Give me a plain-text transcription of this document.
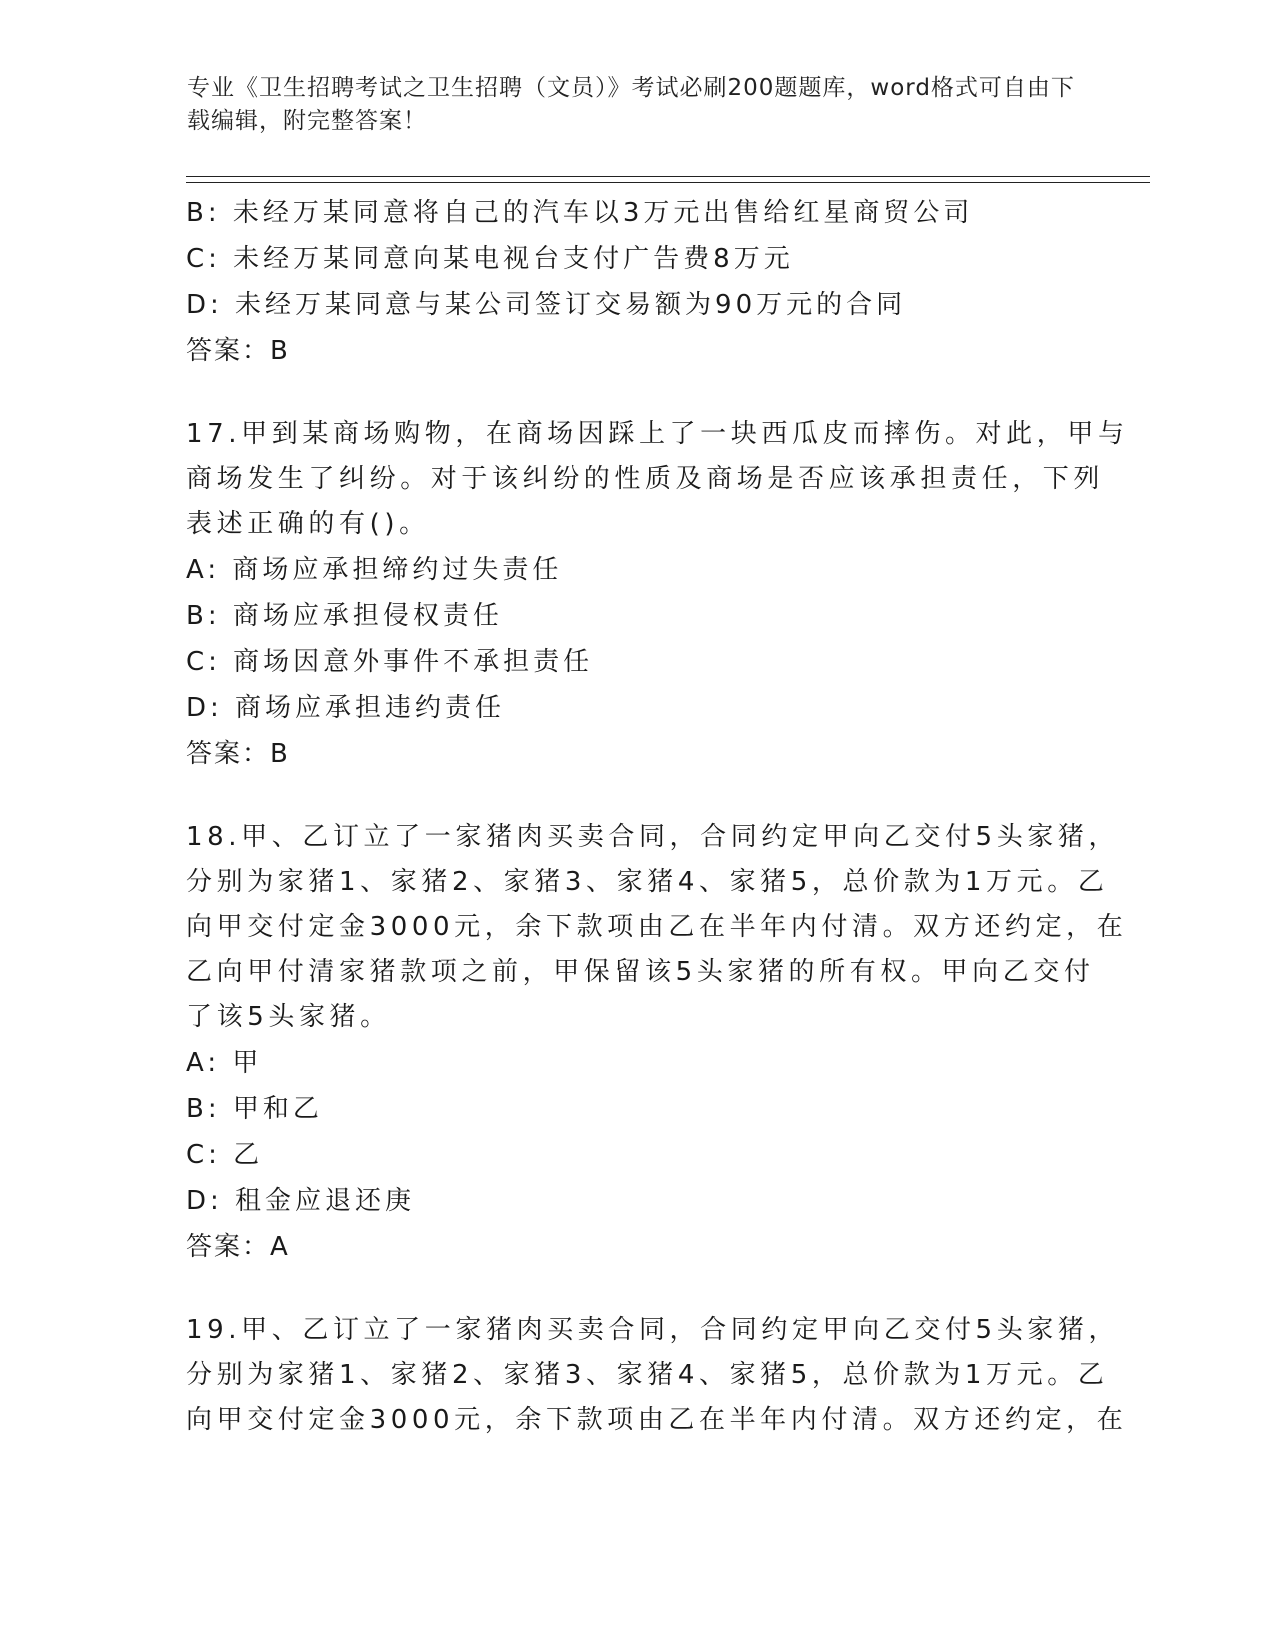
专业《卫生招聘考试之卫生招聘（文员）》考试必刷200题题库，word格式可自由下载编辑，附完整答案！
B: 未经万某同意将自己的汽车以3万元出售给红星商贸公司
C: 未经万某同意向某电视台支付广告费8万元
D: 未经万某同意与某公司签订交易额为90万元的合同
答案：B
17.甲到某商场购物，在商场因踩上了一块西瓜皮而摔伤。对此，甲与
商场发生了纠纷。对于该纠纷的性质及商场是否应该承担责任，下列
表述正确的有()。
A: 商场应承担缔约过失责任
B: 商场应承担侵权责任
C: 商场因意外事件不承担责任
D: 商场应承担违约责任
答案：B
18.甲、乙订立了一家猪肉买卖合同，合同约定甲向乙交付5头家猪，
分别为家猪1、家猪2、家猪3、家猪4、家猪5，总价款为1万元。乙
向甲交付定金3000元，余下款项由乙在半年内付清。双方还约定，在
乙向甲付清家猪款项之前，甲保留该5头家猪的所有权。甲向乙交付
了该5头家猪。
A: 甲
B: 甲和乙
C: 乙
D: 租金应退还庚
答案：A
19.甲、乙订立了一家猪肉买卖合同，合同约定甲向乙交付5头家猪，
分别为家猪1、家猪2、家猪3、家猪4、家猪5，总价款为1万元。乙
向甲交付定金3000元，余下款项由乙在半年内付清。双方还约定，在
